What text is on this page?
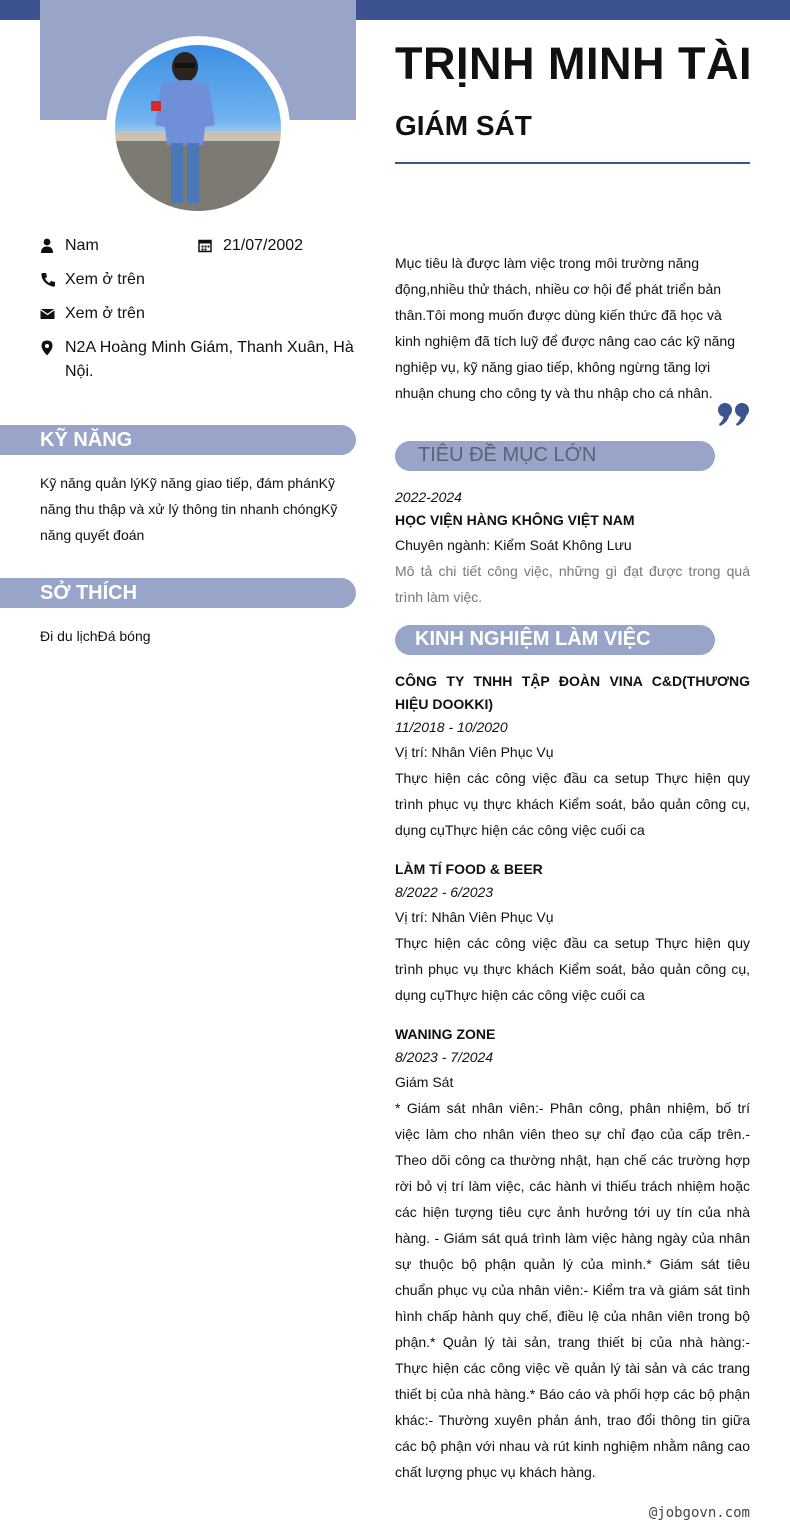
TRỊNH MINH TÀI
GIÁM SÁT
Nam	21/07/2002
Xem ở trên
Xem ở trên
N2A Hoàng Minh Giám, Thanh Xuân, Hà Nội.
KỸ NĂNG
Kỹ năng quản lýKỹ năng giao tiếp, đám phánKỹ năng thu thập và xử lý thông tin nhanh chóngKỹ năng quyết đoán
SỞ THÍCH
Đi du lịchĐá bóng
Mục tiêu là được làm việc trong môi trường năng động,nhiều thử thách, nhiều cơ hội để phát triển bản thân.Tôi mong muốn được dùng kiến thức đã học và kinh nghiệm đã tích luỹ để được nâng cao các kỹ năng nghiệp vụ, kỹ năng giao tiếp, không ngừng tăng lợi nhuận chung cho công ty và thu nhập cho cá nhân.
TIÊU ĐỀ MỤC LỚN
2022-2024
HỌC VIỆN HÀNG KHÔNG VIỆT NAM
Chuyên ngành: Kiểm Soát Không Lưu
Mô tả chi tiết công việc, những gì đạt được trong quá trình làm việc.
KINH NGHIỆM LÀM VIỆC
CÔNG TY TNHH TẬP ĐOÀN VINA C&D(THƯƠNG HIỆU DOOKKI)
11/2018 - 10/2020
Vị trí: Nhân Viên Phục Vụ
Thực hiện các công việc đầu ca setup Thực hiện quy trình phục vụ thực khách Kiểm soát, bảo quản công cụ, dụng cụThực hiện các công việc cuối ca
LÀM TÍ FOOD & BEER
8/2022 - 6/2023
Vị trí: Nhân Viên Phục Vụ
Thực hiện các công việc đầu ca setup Thực hiện quy trình phục vụ thực khách Kiểm soát, bảo quản công cụ, dụng cụThực hiện các công việc cuối ca
WANING ZONE
8/2023 - 7/2024
Giám Sát
* Giám sát nhân viên:- Phân công, phân nhiệm, bố trí việc làm cho nhân viên theo sự chỉ đạo của cấp trên.- Theo dõi công ca thường nhật, hạn chế các trường hợp rời bỏ vị trí làm việc, các hành vi thiếu trách nhiệm hoặc các hiện tượng tiêu cực ảnh hưởng tới uy tín của nhà hàng. - Giám sát quá trình làm việc hàng ngày của nhân sự thuộc bộ phận quản lý của mình.* Giám sát tiêu chuẩn phục vụ của nhân viên:- Kiểm tra và giám sát tình hình chấp hành quy chế, điều lệ của nhân viên trong bộ phận.* Quản lý tài sản, trang thiết bị của nhà hàng:- Thực hiện các công việc về quản lý tài sản và các trang thiết bị của nhà hàng.* Báo cáo và phối hợp các bộ phận khác:- Thường xuyên phản ánh, trao đổi thông tin giữa các bộ phận với nhau và rút kinh nghiệm nhằm nâng cao chất lượng phục vụ khách hàng.
@jobgovn.com
